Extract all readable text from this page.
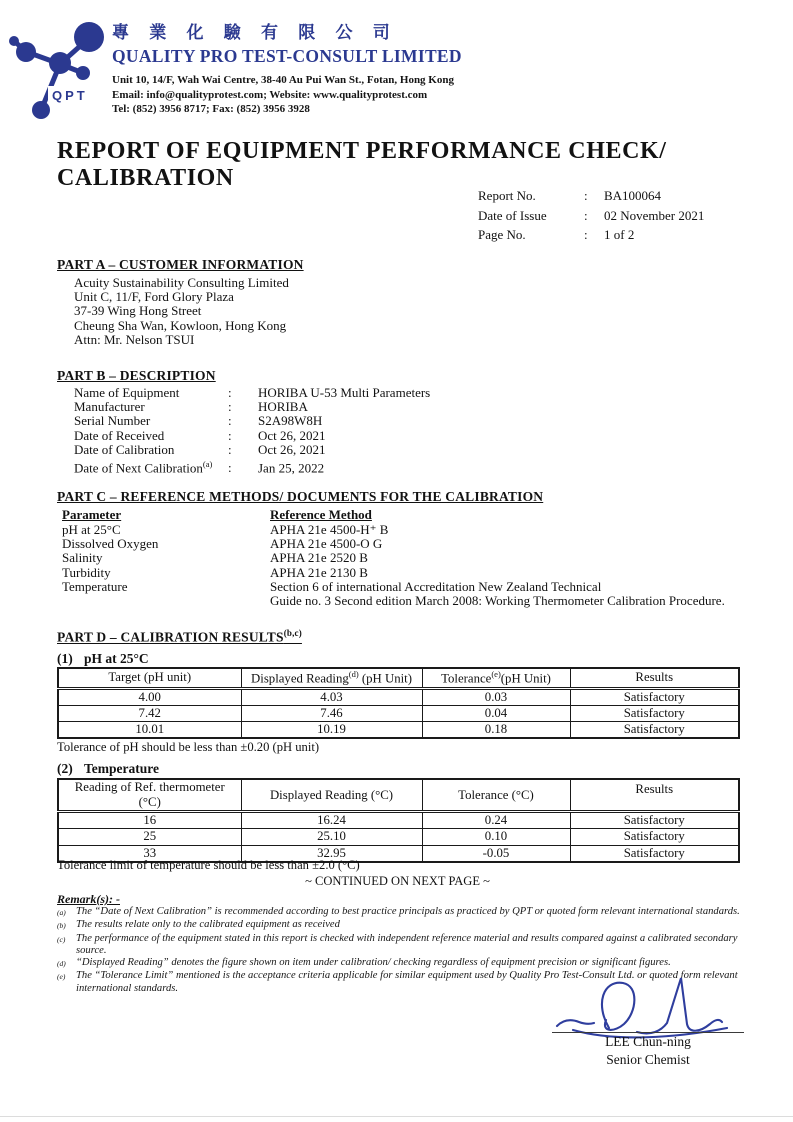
QPT
專 業 化 驗 有 限 公 司
QUALITY PRO TEST-CONSULT LIMITED
Unit 10, 14/F, Wah Wai Centre, 38-40 Au Pui Wan St., Fotan, Hong Kong
Email: info@qualityprotest.com; Website: www.qualityprotest.com
Tel: (852) 3956 8717; Fax: (852) 3956 3928
REPORT OF EQUIPMENT PERFORMANCE CHECK/ CALIBRATION
Report No.	: BA100064
Date of Issue	: 02 November 2021
Page No.	: 1 of 2
PART A – CUSTOMER INFORMATION
Acuity Sustainability Consulting Limited
Unit C, 11/F, Ford Glory Plaza
37-39 Wing Hong Street
Cheung Sha Wan, Kowloon, Hong Kong
Attn: Mr. Nelson TSUI
PART B – DESCRIPTION
Name of Equipment	: HORIBA U-53 Multi Parameters
Manufacturer	: HORIBA
Serial Number	: S2A98W8H
Date of Received	: Oct 26, 2021
Date of Calibration	: Oct 26, 2021
Date of Next Calibration$^{(a)}$ : Jan 25, 2022
PART C – REFERENCE METHODS/ DOCUMENTS FOR THE CALIBRATION
Parameter	Reference Method
pH at 25°C	APHA 21e 4500-H⁺ B
Dissolved Oxygen	APHA 21e 4500-O G
Salinity	APHA 21e 2520 B
Turbidity	APHA 21e 2130 B
Temperature	Section 6 of international Accreditation New Zealand Technical
Guide no. 3 Second edition March 2008: Working Thermometer Calibration Procedure.
PART D – CALIBRATION RESULTS$^{(b,c)}$
(1) pH at 25°C
Target (pH unit)	Displayed Reading$^{(d)}$ (pH Unit)	Tolerance$^{(e)}$(pH Unit)	Results
4.00	4.03	0.03	Satisfactory
7.42	7.46	0.04	Satisfactory
10.01	10.19	0.18	Satisfactory
Tolerance of pH should be less than ±0.20 (pH unit)
(2) Temperature
Reading of Ref. thermometer
(°C)	Displayed Reading (°C)	Tolerance (°C)	Results
16	16.24	0.24	Satisfactory
25	25.10	0.10	Satisfactory
33	32.95	-0.05	Satisfactory
Tolerance limit of temperature should be less than ±2.0 (°C)
~ CONTINUED ON NEXT PAGE ~
Remark(s): -
(a) The “Date of Next Calibration” is recommended according to best practice principals as practiced by QPT or quoted form relevant international standards.
(b) The results relate only to the calibrated equipment as received
(c)	The performance of the equipment stated in this report is checked with independent reference material and results compared against a calibrated secondary source.
(d) “Displayed Reading” denotes the figure shown on item under calibration/ checking regardless of equipment precision or significant figures.
(e)	The “Tolerance Limit” mentioned is the acceptance criteria applicable for similar equipment used by Quality Pro Test-Consult Ltd. or quoted form relevant international standards.
LEE Chun-ning
Senior Chemist
